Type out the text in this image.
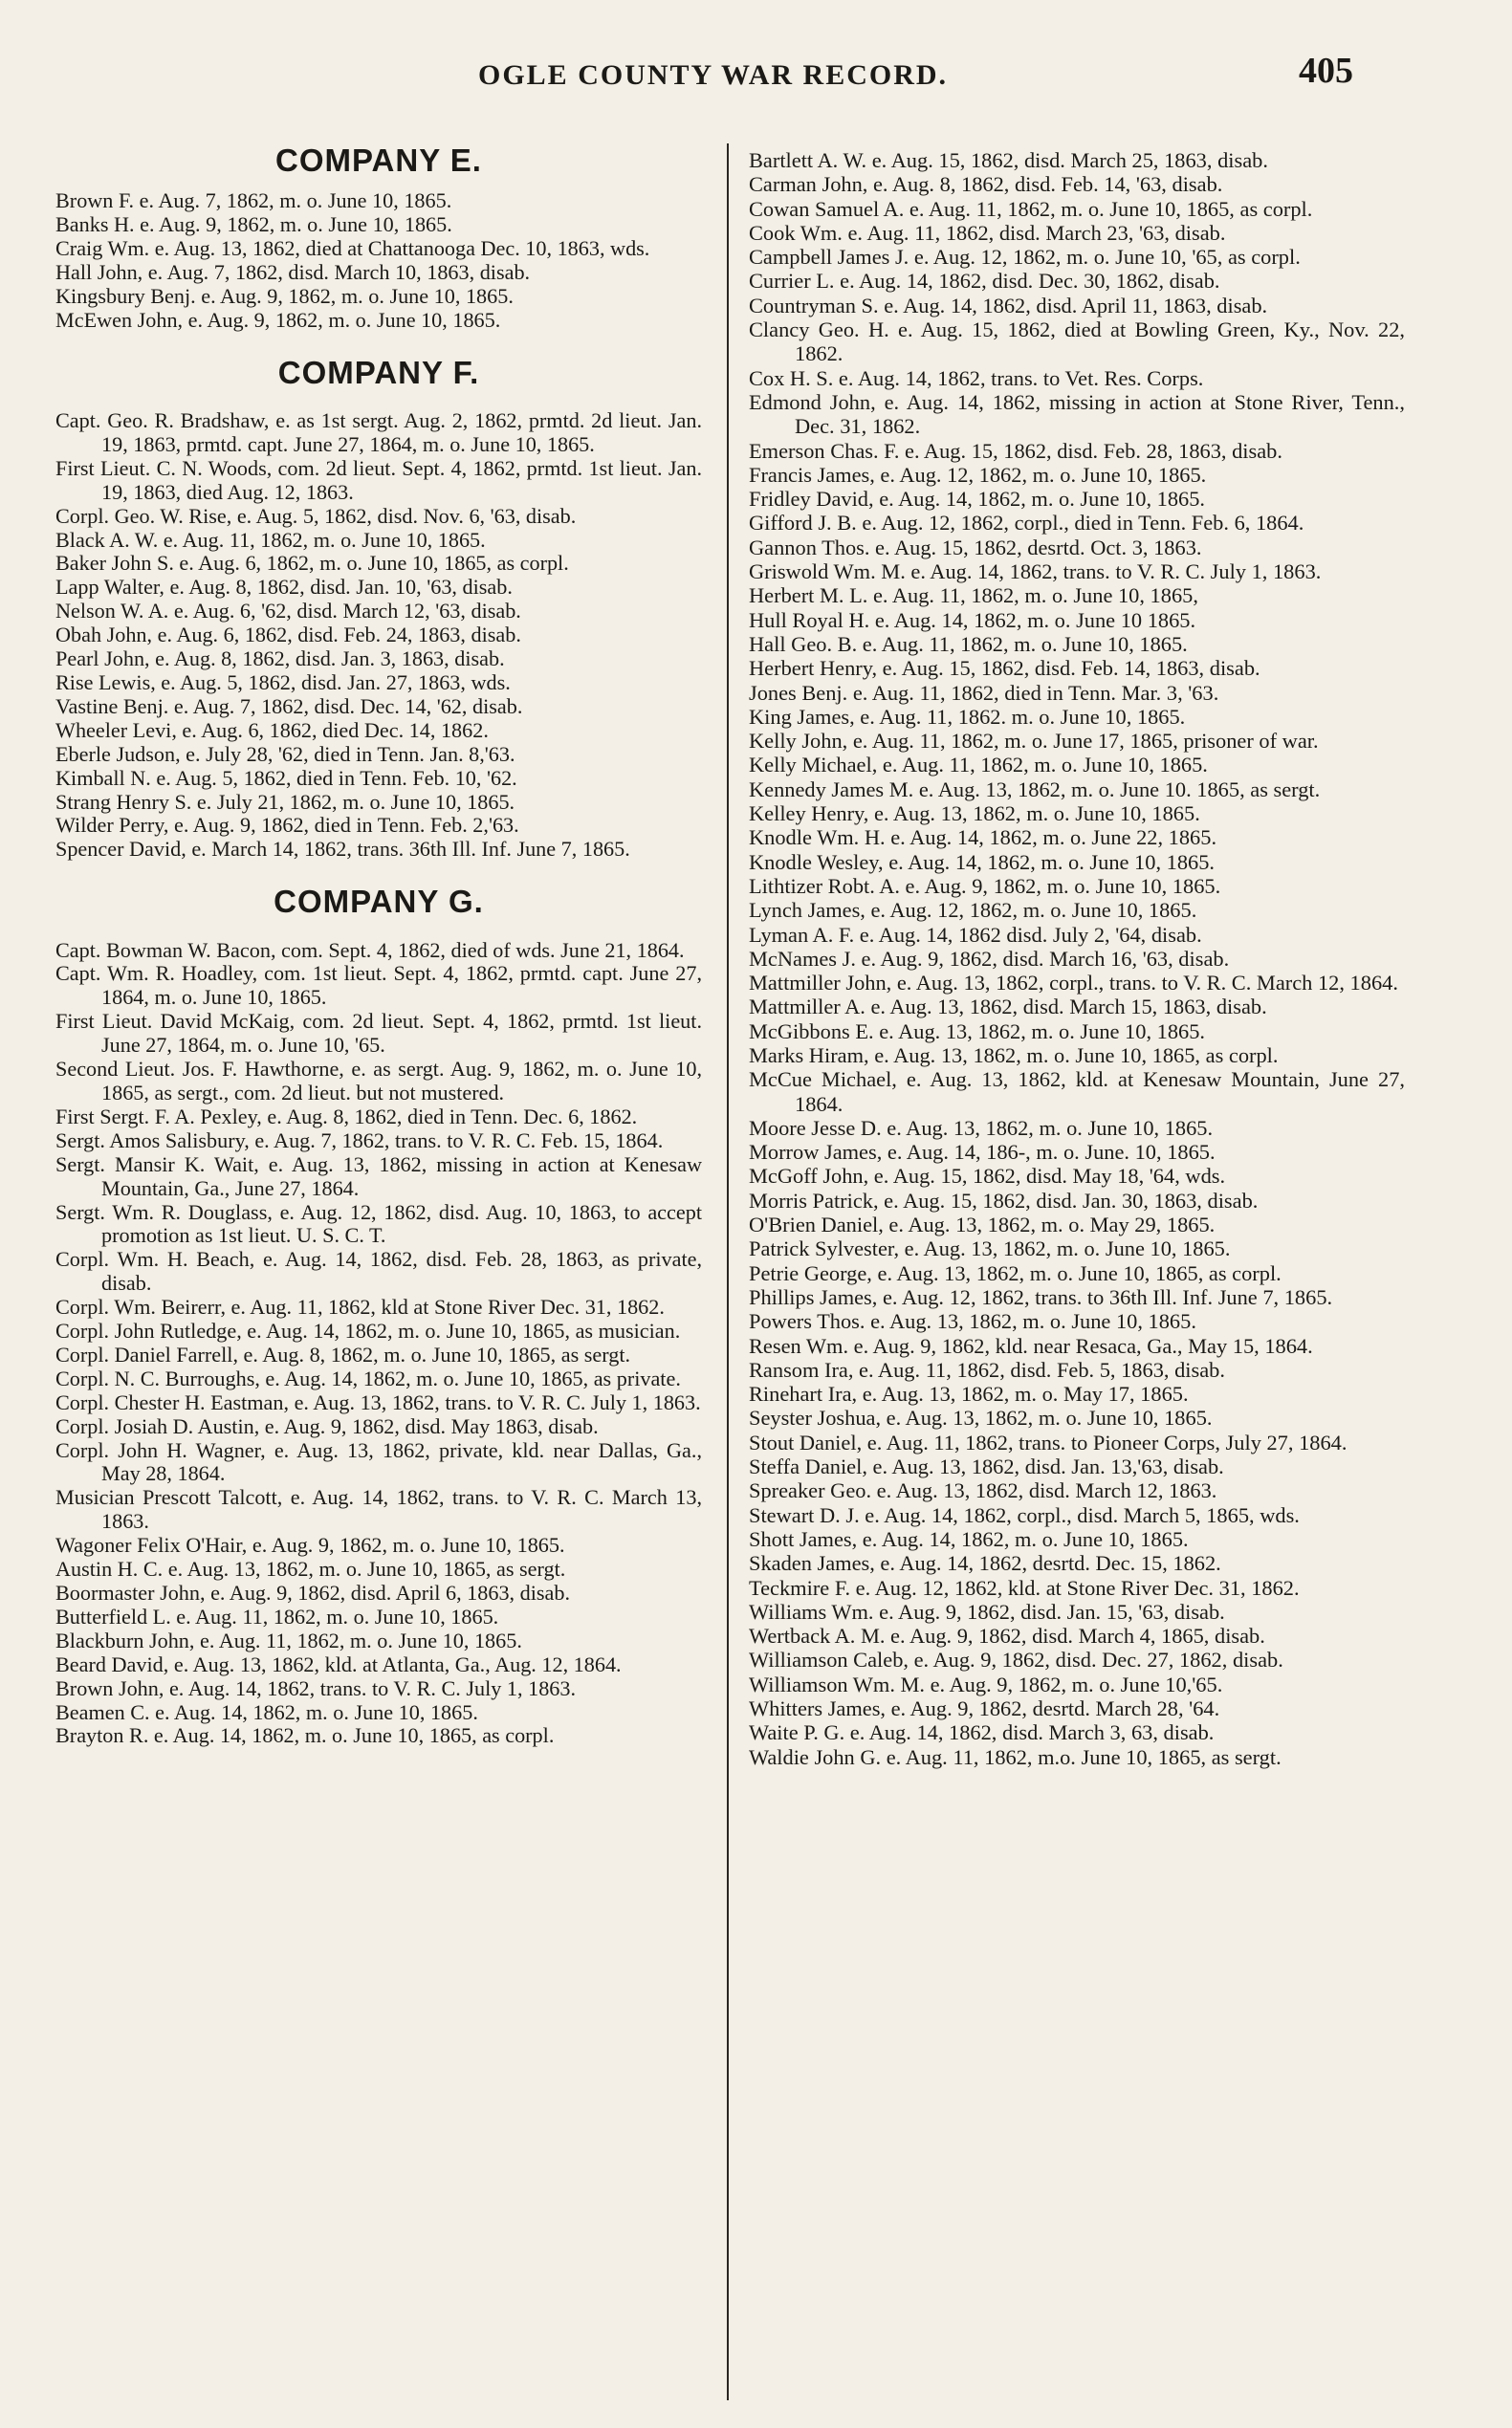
OGLE COUNTY WAR RECORD.	405
COMPANY E.
Brown F. e. Aug. 7, 1862, m. o. June 10, 1865.
Banks H. e. Aug. 9, 1862, m. o. June 10, 1865.
Craig Wm. e. Aug. 13, 1862, died at Chattanooga Dec. 10, 1863, wds.
Hall John, e. Aug. 7, 1862, disd. March 10, 1863, disab.
Kingsbury Benj. e. Aug. 9, 1862, m. o. June 10, 1865.
McEwen John, e. Aug. 9, 1862, m. o. June 10, 1865.
COMPANY F.
Capt. Geo. R. Bradshaw, e. as 1st sergt. Aug. 2, 1862, prmtd. 2d lieut. Jan. 19, 1863, prmtd. capt. June 27, 1864, m. o. June 10, 1865.
First Lieut. C. N. Woods, com. 2d lieut. Sept. 4, 1862, prmtd. 1st lieut. Jan. 19, 1863, died Aug. 12, 1863.
Corpl. Geo. W. Rise, e. Aug. 5, 1862, disd. Nov. 6, '63, disab.
Black A. W. e. Aug. 11, 1862, m. o. June 10, 1865.
Baker John S. e. Aug. 6, 1862, m. o. June 10, 1865, as corpl.
Lapp Walter, e. Aug. 8, 1862, disd. Jan. 10, '63, disab.
Nelson W. A. e. Aug. 6, '62, disd. March 12, '63, disab.
Obah John, e. Aug. 6, 1862, disd. Feb. 24, 1863, disab.
Pearl John, e. Aug. 8, 1862, disd. Jan. 3, 1863, disab.
Rise Lewis, e. Aug. 5, 1862, disd. Jan. 27, 1863, wds.
Vastine Benj. e. Aug. 7, 1862, disd. Dec. 14, '62, disab.
Wheeler Levi, e. Aug. 6, 1862, died Dec. 14, 1862.
Eberle Judson, e. July 28, '62, died in Tenn. Jan. 8,'63.
Kimball N. e. Aug. 5, 1862, died in Tenn. Feb. 10, '62.
Strang Henry S. e. July 21, 1862, m. o. June 10, 1865.
Wilder Perry, e. Aug. 9, 1862, died in Tenn. Feb. 2,'63.
Spencer David, e. March 14, 1862, trans. 36th Ill. Inf. June 7, 1865.
COMPANY G.
Capt. Bowman W. Bacon, com. Sept. 4, 1862, died of wds. June 21, 1864.
Capt. Wm. R. Hoadley, com. 1st lieut. Sept. 4, 1862, prmtd. capt. June 27, 1864, m. o. June 10, 1865.
First Lieut. David McKaig, com. 2d lieut. Sept. 4, 1862, prmtd. 1st lieut. June 27, 1864, m. o. June 10, '65.
Second Lieut. Jos. F. Hawthorne, e. as sergt. Aug. 9, 1862, m. o. June 10, 1865, as sergt., com. 2d lieut. but not mustered.
First Sergt. F. A. Pexley, e. Aug. 8, 1862, died in Tenn. Dec. 6, 1862.
Sergt. Amos Salisbury, e. Aug. 7, 1862, trans. to V. R. C. Feb. 15, 1864.
Sergt. Mansir K. Wait, e. Aug. 13, 1862, missing in action at Kenesaw Mountain, Ga., June 27, 1864.
Sergt. Wm. R. Douglass, e. Aug. 12, 1862, disd. Aug. 10, 1863, to accept promotion as 1st lieut. U. S. C. T.
Corpl. Wm. H. Beach, e. Aug. 14, 1862, disd. Feb. 28, 1863, as private, disab.
Corpl. Wm. Beirerr, e. Aug. 11, 1862, kld at Stone River Dec. 31, 1862.
Corpl. John Rutledge, e. Aug. 14, 1862, m. o. June 10, 1865, as musician.
Corpl. Daniel Farrell, e. Aug. 8, 1862, m. o. June 10, 1865, as sergt.
Corpl. N. C. Burroughs, e. Aug. 14, 1862, m. o. June 10, 1865, as private.
Corpl. Chester H. Eastman, e. Aug. 13, 1862, trans. to V. R. C. July 1, 1863.
Corpl. Josiah D. Austin, e. Aug. 9, 1862, disd. May 1863, disab.
Corpl. John H. Wagner, e. Aug. 13, 1862, private, kld. near Dallas, Ga., May 28, 1864.
Musician Prescott Talcott, e. Aug. 14, 1862, trans. to V. R. C. March 13, 1863.
Wagoner Felix O'Hair, e. Aug. 9, 1862, m. o. June 10, 1865.
Austin H. C. e. Aug. 13, 1862, m. o. June 10, 1865, as sergt.
Boormaster John, e. Aug. 9, 1862, disd. April 6, 1863, disab.
Butterfield L. e. Aug. 11, 1862, m. o. June 10, 1865.
Blackburn John, e. Aug. 11, 1862, m. o. June 10, 1865.
Beard David, e. Aug. 13, 1862, kld. at Atlanta, Ga., Aug. 12, 1864.
Brown John, e. Aug. 14, 1862, trans. to V. R. C. July 1, 1863.
Beamen C. e. Aug. 14, 1862, m. o. June 10, 1865.
Brayton R. e. Aug. 14, 1862, m. o. June 10, 1865, as corpl.
Bartlett A. W. e. Aug. 15, 1862, disd. March 25, 1863, disab.
Carman John, e. Aug. 8, 1862, disd. Feb. 14, '63, disab.
Cowan Samuel A. e. Aug. 11, 1862, m. o. June 10, 1865, as corpl.
Cook Wm. e. Aug. 11, 1862, disd. March 23, '63, disab.
Campbell James J. e. Aug. 12, 1862, m. o. June 10, '65, as corpl.
Currier L. e. Aug. 14, 1862, disd. Dec. 30, 1862, disab.
Countryman S. e. Aug. 14, 1862, disd. April 11, 1863, disab.
Clancy Geo. H. e. Aug. 15, 1862, died at Bowling Green, Ky., Nov. 22, 1862.
Cox H. S. e. Aug. 14, 1862, trans. to Vet. Res. Corps.
Edmond John, e. Aug. 14, 1862, missing in action at Stone River, Tenn., Dec. 31, 1862.
Emerson Chas. F. e. Aug. 15, 1862, disd. Feb. 28, 1863, disab.
Francis James, e. Aug. 12, 1862, m. o. June 10, 1865.
Fridley David, e. Aug. 14, 1862, m. o. June 10, 1865.
Gifford J. B. e. Aug. 12, 1862, corpl., died in Tenn. Feb. 6, 1864.
Gannon Thos. e. Aug. 15, 1862, desrtd. Oct. 3, 1863.
Griswold Wm. M. e. Aug. 14, 1862, trans. to V. R. C. July 1, 1863.
Herbert M. L. e. Aug. 11, 1862, m. o. June 10, 1865,
Hull Royal H. e. Aug. 14, 1862, m. o. June 10 1865.
Hall Geo. B. e. Aug. 11, 1862, m. o. June 10, 1865.
Herbert Henry, e. Aug. 15, 1862, disd. Feb. 14, 1863, disab.
Jones Benj. e. Aug. 11, 1862, died in Tenn. Mar. 3, '63.
King James, e. Aug. 11, 1862. m. o. June 10, 1865.
Kelly John, e. Aug. 11, 1862, m. o. June 17, 1865, prisoner of war.
Kelly Michael, e. Aug. 11, 1862, m. o. June 10, 1865.
Kennedy James M. e. Aug. 13, 1862, m. o. June 10. 1865, as sergt.
Kelley Henry, e. Aug. 13, 1862, m. o. June 10, 1865.
Knodle Wm. H. e. Aug. 14, 1862, m. o. June 22, 1865.
Knodle Wesley, e. Aug. 14, 1862, m. o. June 10, 1865.
Lithtizer Robt. A. e. Aug. 9, 1862, m. o. June 10, 1865.
Lynch James, e. Aug. 12, 1862, m. o. June 10, 1865.
Lyman A. F. e. Aug. 14, 1862 disd. July 2, '64, disab.
McNames J. e. Aug. 9, 1862, disd. March 16, '63, disab.
Mattmiller John, e. Aug. 13, 1862, corpl., trans. to V. R. C. March 12, 1864.
Mattmiller A. e. Aug. 13, 1862, disd. March 15, 1863, disab.
McGibbons E. e. Aug. 13, 1862, m. o. June 10, 1865.
Marks Hiram, e. Aug. 13, 1862, m. o. June 10, 1865, as corpl.
McCue Michael, e. Aug. 13, 1862, kld. at Kenesaw Mountain, June 27, 1864.
Moore Jesse D. e. Aug. 13, 1862, m. o. June 10, 1865.
Morrow James, e. Aug. 14, 186-, m. o. June. 10, 1865.
McGoff John, e. Aug. 15, 1862, disd. May 18, '64, wds.
Morris Patrick, e. Aug. 15, 1862, disd. Jan. 30, 1863, disab.
O'Brien Daniel, e. Aug. 13, 1862, m. o. May 29, 1865.
Patrick Sylvester, e. Aug. 13, 1862, m. o. June 10, 1865.
Petrie George, e. Aug. 13, 1862, m. o. June 10, 1865, as corpl.
Phillips James, e. Aug. 12, 1862, trans. to 36th Ill. Inf. June 7, 1865.
Powers Thos. e. Aug. 13, 1862, m. o. June 10, 1865.
Resen Wm. e. Aug. 9, 1862, kld. near Resaca, Ga., May 15, 1864.
Ransom Ira, e. Aug. 11, 1862, disd. Feb. 5, 1863, disab.
Rinehart Ira, e. Aug. 13, 1862, m. o. May 17, 1865.
Seyster Joshua, e. Aug. 13, 1862, m. o. June 10, 1865.
Stout Daniel, e. Aug. 11, 1862, trans. to Pioneer Corps, July 27, 1864.
Steffa Daniel, e. Aug. 13, 1862, disd. Jan. 13,'63, disab.
Spreaker Geo. e. Aug. 13, 1862, disd. March 12, 1863.
Stewart D. J. e. Aug. 14, 1862, corpl., disd. March 5, 1865, wds.
Shott James, e. Aug. 14, 1862, m. o. June 10, 1865.
Skaden James, e. Aug. 14, 1862, desrtd. Dec. 15, 1862.
Teckmire F. e. Aug. 12, 1862, kld. at Stone River Dec. 31, 1862.
Williams Wm. e. Aug. 9, 1862, disd. Jan. 15, '63, disab.
Wertback A. M. e. Aug. 9, 1862, disd. March 4, 1865, disab.
Williamson Caleb, e. Aug. 9, 1862, disd. Dec. 27, 1862, disab.
Williamson Wm. M. e. Aug. 9, 1862, m. o. June 10,'65.
Whitters James, e. Aug. 9, 1862, desrtd. March 28, '64.
Waite P. G. e. Aug. 14, 1862, disd. March 3, 63, disab.
Waldie John G. e. Aug. 11, 1862, m.o. June 10, 1865, as sergt.
